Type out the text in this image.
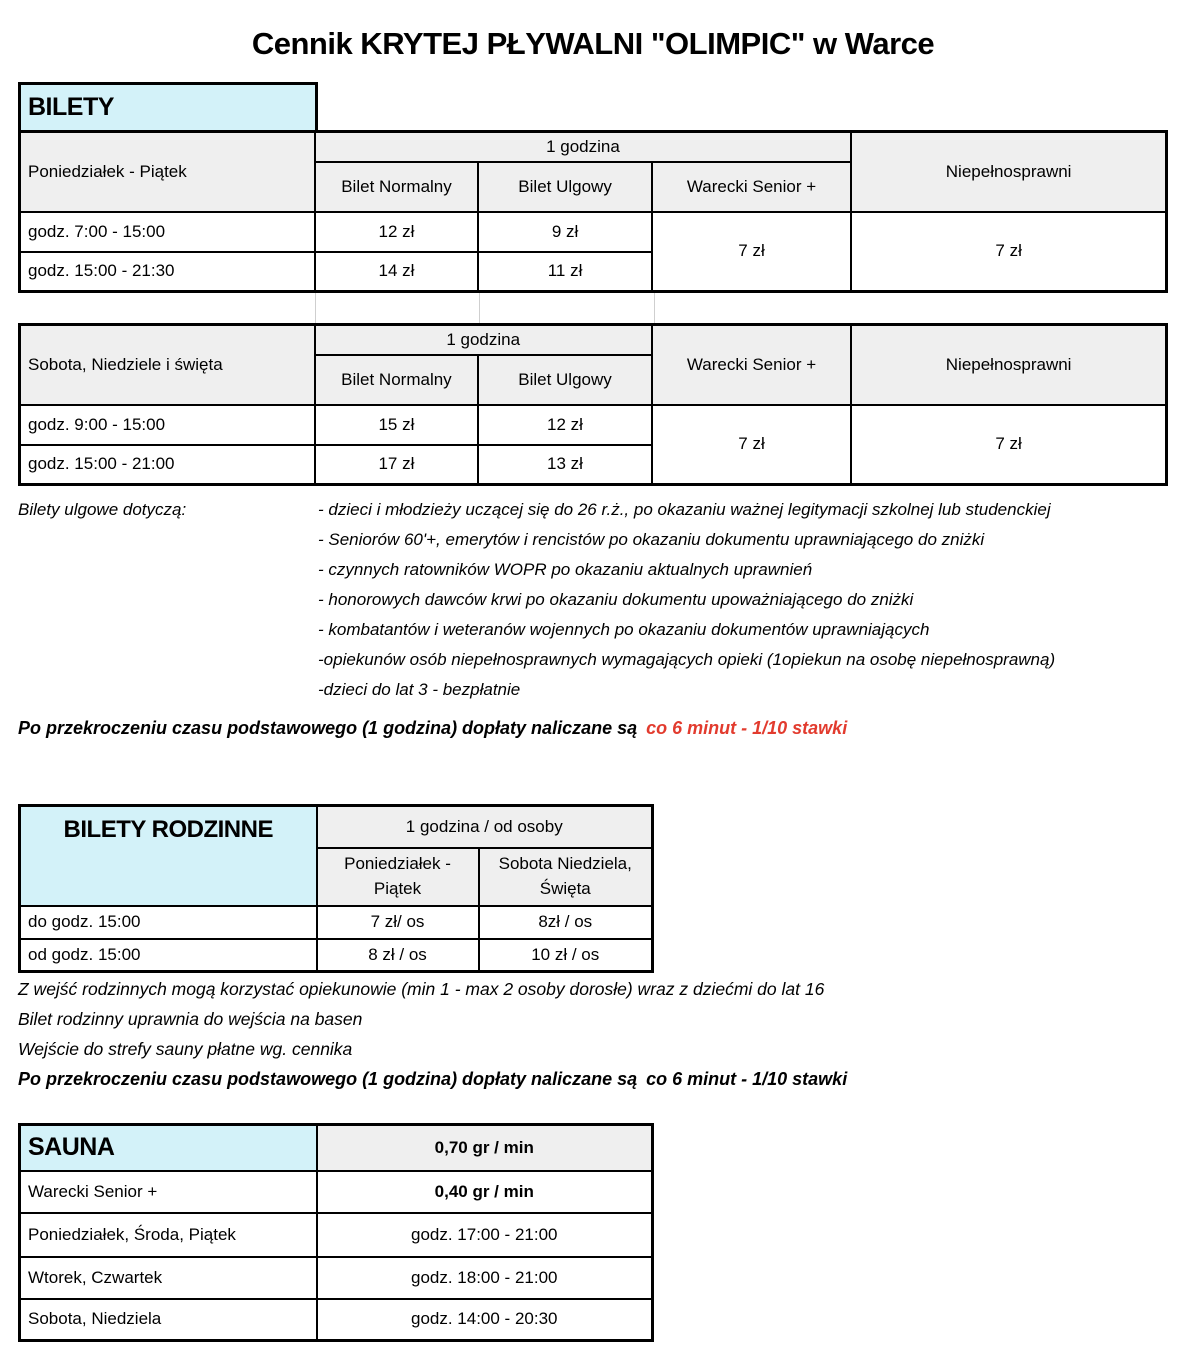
Cennik KRYTEJ PŁYWALNI "OLIMPIC" w Warce
BILETY
Poniedziałek - Piątek	1 godzina			Niepełnosprawni
	Bilet Normalny	Bilet Ulgowy	Warecki Senior +	
godz. 7:00 - 15:00	12 zł	9 zł	7 zł	7 zł
godz. 15:00 - 21:30	14 zł	11 zł		
Sobota, Niedziele i święta	1 godzina		Warecki Senior +	Niepełnosprawni
	Bilet Normalny	Bilet Ulgowy		
godz. 9:00 - 15:00	15 zł	12 zł	7 zł	7 zł
godz. 15:00 - 21:00	17 zł	13 zł		
Bilety ulgowe dotyczą:	- dzieci i młodzieży uczącej się do 26 r.ż., po okazaniu ważnej legitymacji szkolnej lub studenckiej
- Seniorów 60'+, emerytów i rencistów po okazaniu dokumentu uprawniającego do zniżki
- czynnych ratowników WOPR po okazaniu aktualnych uprawnień
- honorowych dawców krwi po okazaniu dokumentu upoważniającego do zniżki
- kombatantów i weteranów wojennych po okazaniu dokumentów uprawniających
-opiekunów osób niepełnosprawnych wymagających opieki (1opiekun na osobę niepełnosprawną)
-dzieci do lat 3 - bezpłatnie
Po przekroczeniu czasu podstawowego (1 godzina) dopłaty naliczane są co 6 minut - 1/10 stawki
BILETY RODZINNE	1 godzina / od osoby	
	Poniedziałek - Piątek	Sobota Niedziela, Święta
do godz. 15:00	7 zł/ os	8zł / os
od godz. 15:00	8 zł / os	10 zł / os
Z wejść rodzinnych mogą korzystać opiekunowie (min 1 - max 2 osoby dorosłe) wraz z dziećmi do lat 16
Bilet rodzinny uprawnia do wejścia na basen
Wejście do strefy sauny płatne wg. cennika
Po przekroczeniu czasu podstawowego (1 godzina) dopłaty naliczane są co 6 minut - 1/10 stawki
SAUNA	0,70 gr / min
Warecki Senior +	0,40 gr / min
Poniedziałek, Środa, Piątek	godz. 17:00 - 21:00
Wtorek, Czwartek	godz. 18:00 - 21:00
Sobota, Niedziela	godz. 14:00 - 20:30
